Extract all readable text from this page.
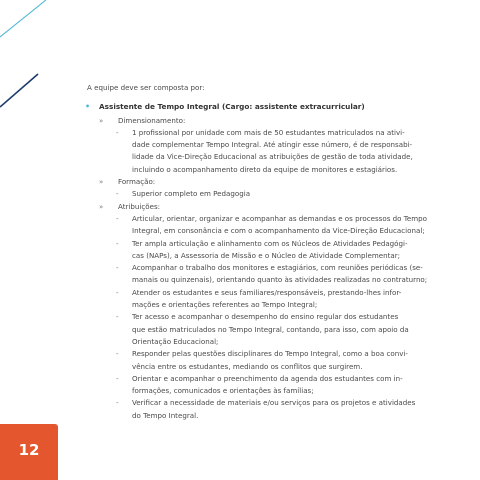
A equipe deve ser composta por:

• Assistente de Tempo Integral (Cargo: assistente extracurricular)
» Dimensionamento:
- 1 profissional por unidade com mais de 50 estudantes matriculados na ativi-
dade complementar Tempo Integral. Até atingir esse número, é de responsabi-
lidade da Vice-Direção Educacional as atribuições de gestão de toda atividade,
incluindo o acompanhamento direto da equipe de monitores e estagiários.
» Formação:
- Superior completo em Pedagogia
» Atribuições:
- Articular, orientar, organizar e acompanhar as demandas e os processos do Tempo
Integral, em consonância e com o acompanhamento da Vice-Direção Educacional;
- Ter ampla articulação e alinhamento com os Núcleos de Atividades Pedagógi-
cas (NAPs), a Assessoria de Missão e o Núcleo de Atividade Complementar;
- Acompanhar o trabalho dos monitores e estagiários, com reuniões periódicas (se-
manais ou quinzenais), orientando quanto às atividades realizadas no contraturno;
- Atender os estudantes e seus familiares/responsáveis, prestando-lhes infor-
mações e orientações referentes ao Tempo Integral;
- Ter acesso e acompanhar o desempenho do ensino regular dos estudantes
que estão matriculados no Tempo Integral, contando, para isso, com apoio da
Orientação Educacional;
- Responder pelas questões disciplinares do Tempo Integral, como a boa convi-
vência entre os estudantes, mediando os conflitos que surgirem.
- Orientar e acompanhar o preenchimento da agenda dos estudantes com in-
formações, comunicados e orientações às famílias;
- Verificar a necessidade de materiais e/ou serviços para os projetos e atividades
do Tempo Integral.
12
